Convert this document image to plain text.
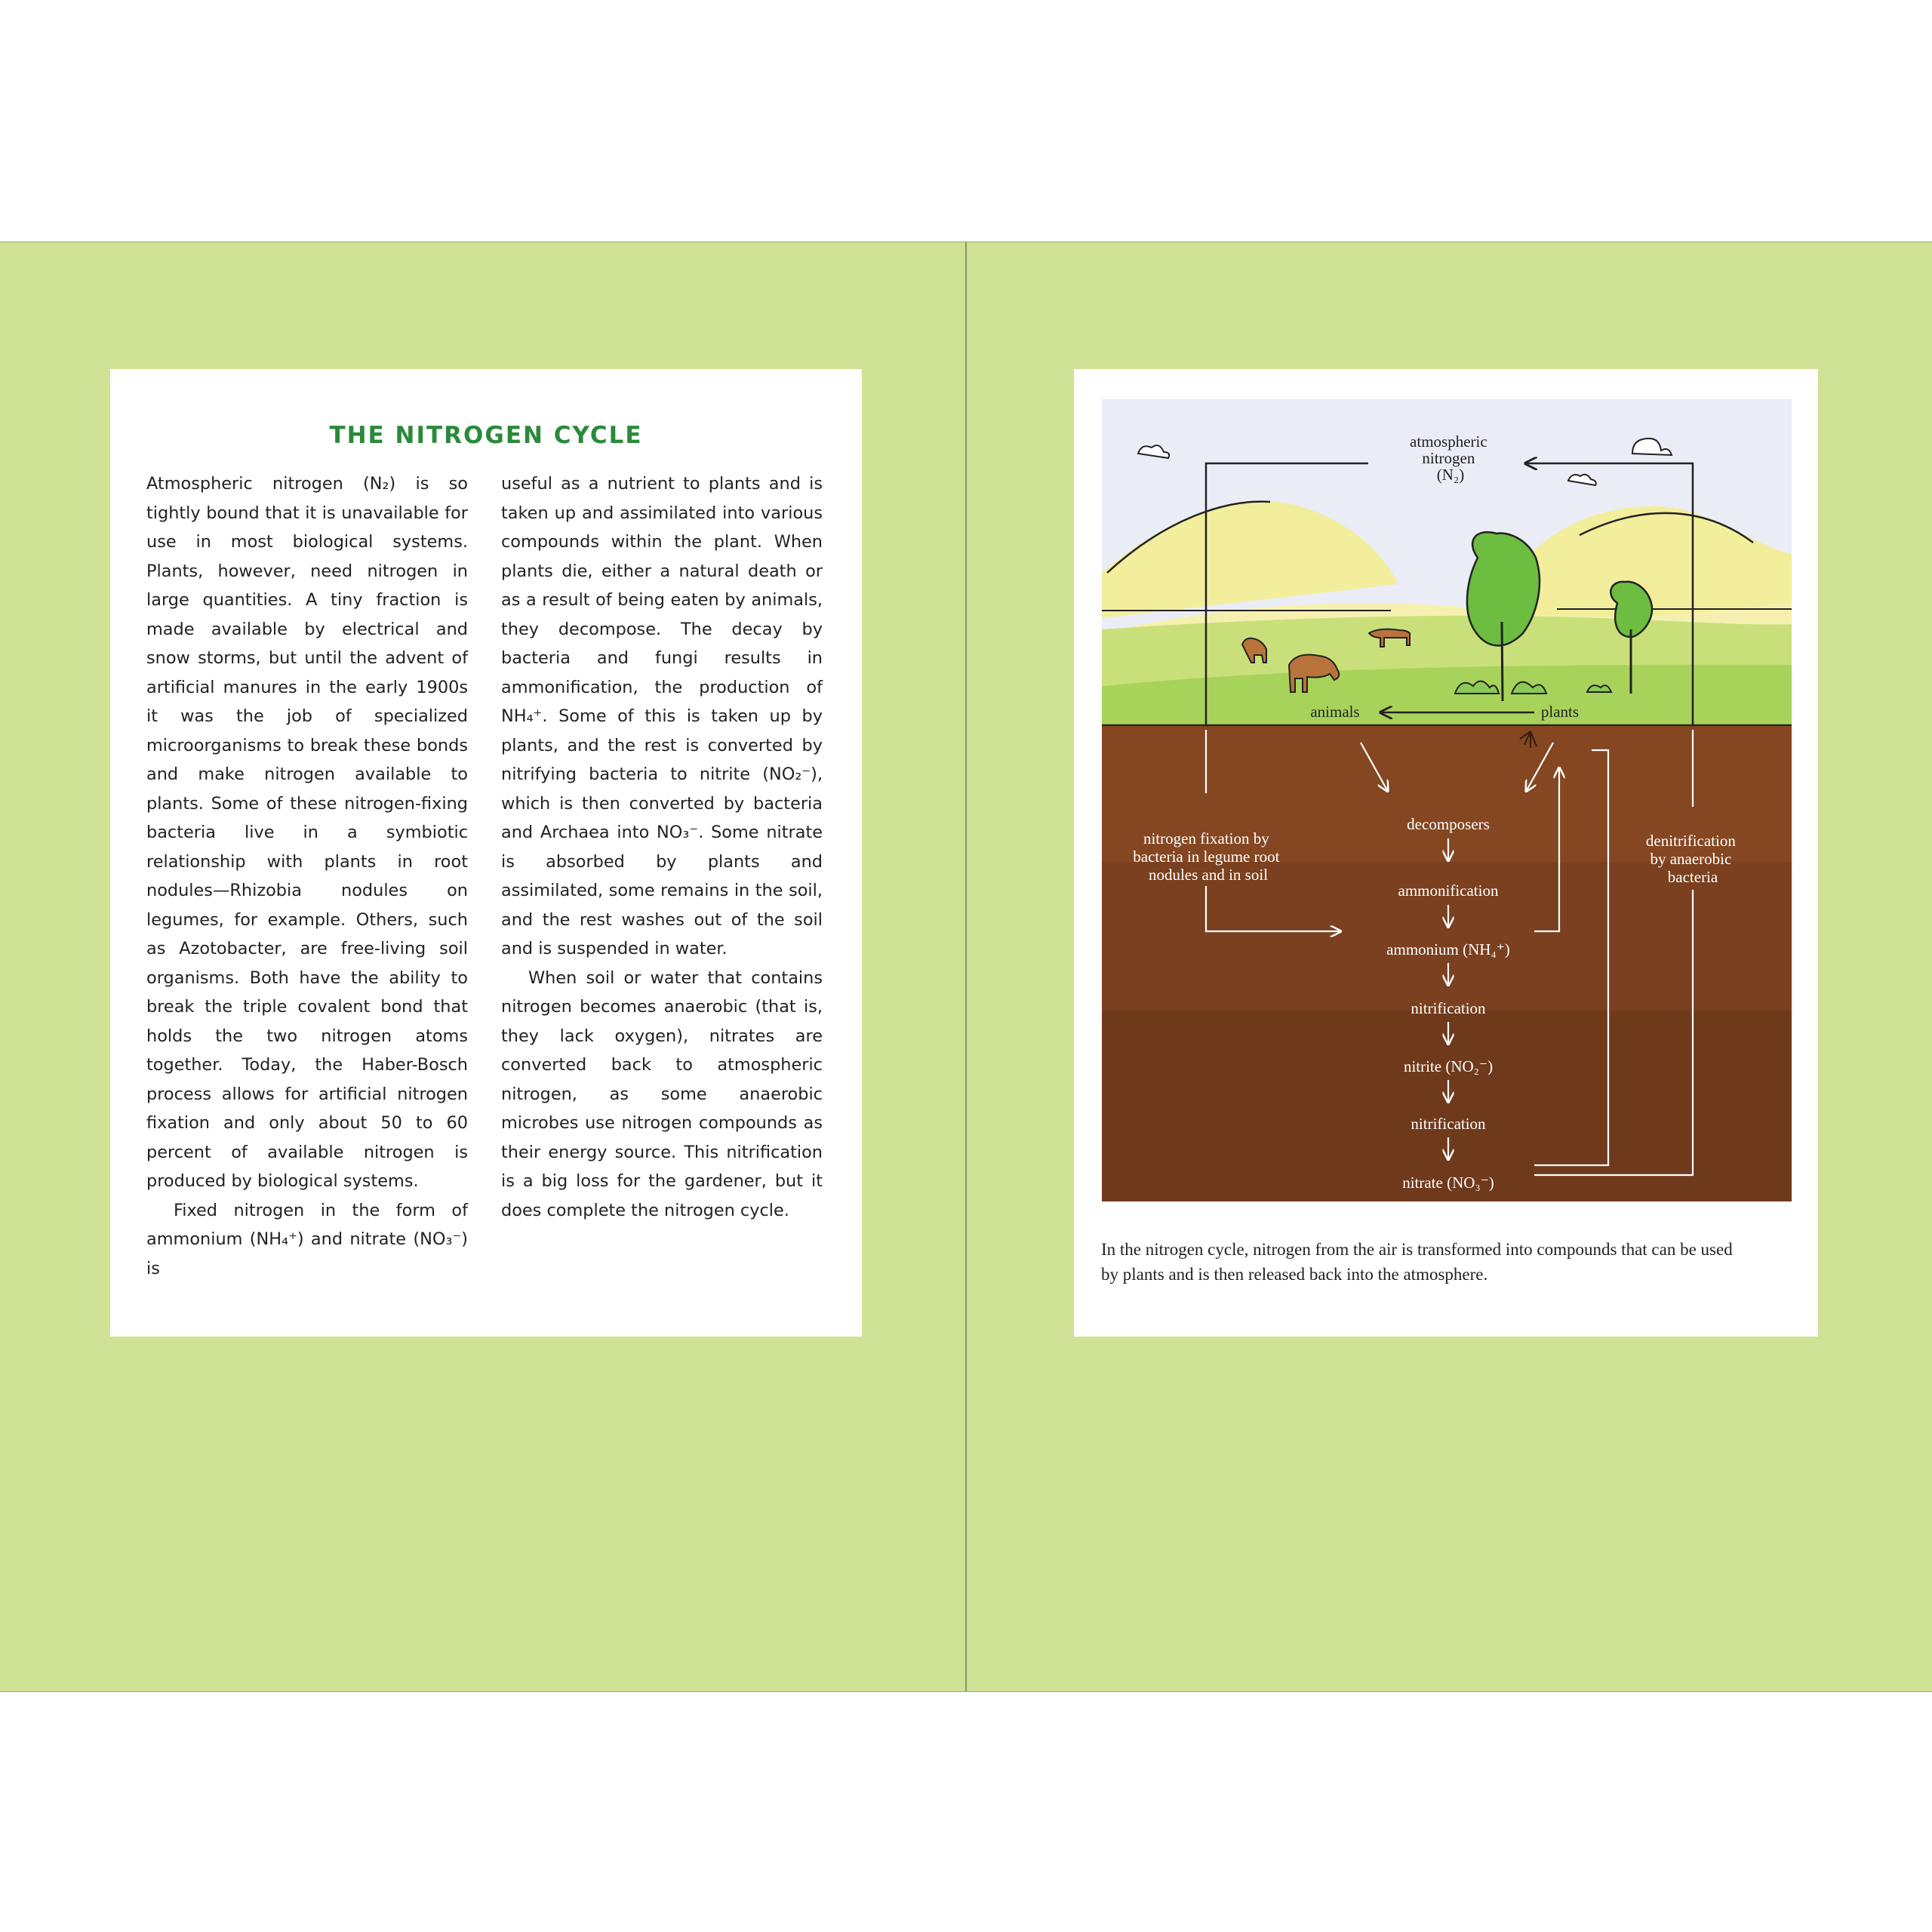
THE NITROGEN CYCLE

Atmospheric nitrogen (N₂) is so tightly bound that it is unavailable for use in most biological systems. Plants, however, need nitrogen in large quantities. A tiny fraction is made available by electrical and snow storms, but until the advent of artificial manures in the early 1900s it was the job of specialized microorganisms to break these bonds and make nitrogen available to plants. Some of these nitrogen-fixing bacteria live in a symbiotic relationship with plants in root nodules—Rhizobia nodules on legumes, for example. Others, such as Azotobacter, are free-living soil organisms. Both have the ability to break the triple covalent bond that holds the two nitrogen atoms together. Today, the Haber-Bosch process allows for artificial nitrogen fixation and only about 50 to 60 percent of available nitrogen is produced by biological systems.

Fixed nitrogen in the form of ammonium (NH₄⁺) and nitrate (NO₃⁻) is

useful as a nutrient to plants and is taken up and assimilated into various compounds within the plant. When plants die, either a natural death or as a result of being eaten by animals, they decompose. The decay by bacteria and fungi results in ammonification, the production of NH₄⁺. Some of this is taken up by plants, and the rest is converted by nitrifying bacteria to nitrite (NO₂⁻), which is then converted by bacteria and Archaea into NO₃⁻. Some nitrate is absorbed by plants and assimilated, some remains in the soil, and the rest washes out of the soil and is suspended in water.

When soil or water that contains nitrogen becomes anaerobic (that is, they lack oxygen), nitrates are converted back to atmospheric nitrogen, as some anaerobic microbes use nitrogen compounds as their energy source. This nitrification is a big loss for the gardener, but it does complete the nitrogen cycle.

atmospheric nitrogen (N₂)
animals	plants
nitrogen fixation by bacteria in legume root nodules and in soil
denitrification by anaerobic bacteria
decomposers
ammonification
ammonium (NH₄⁺)
nitrification
nitrite (NO₂⁻)
nitrification
nitrate (NO₃⁻)
In the nitrogen cycle, nitrogen from the air is transformed into compounds that can be used by plants and is then released back into the atmosphere.
